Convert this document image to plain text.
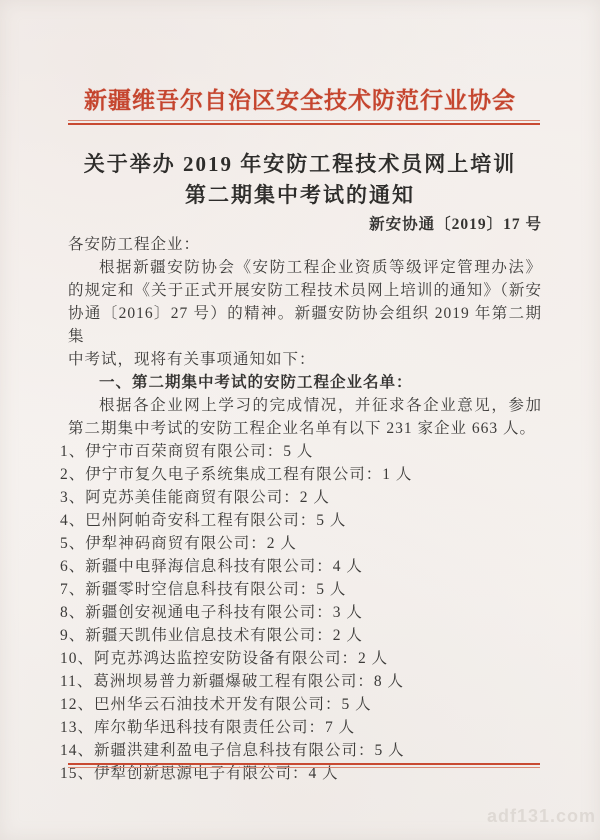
新疆维吾尔自治区安全技术防范行业协会
关于举办 2019 年安防工程技术员网上培训
第二期集中考试的通知
新安协通〔2019〕17 号
各安防工程企业：
根据新疆安防协会《安防工程企业资质等级评定管理办法》
的规定和《关于正式开展安防工程技术员网上培训的通知》（新安
协通〔2016〕27 号）的精神。新疆安防协会组织 2019 年第二期集
中考试，现将有关事项通知如下：
一、第二期集中考试的安防工程企业名单：
根据各企业网上学习的完成情况，并征求各企业意见，参加
第二期集中考试的安防工程企业名单有以下 231 家企业 663 人。
1、伊宁市百荣商贸有限公司：5 人
2、伊宁市复久电子系统集成工程有限公司：1 人
3、阿克苏美佳能商贸有限公司：2 人
4、巴州阿帕奇安科工程有限公司：5 人
5、伊犁神码商贸有限公司：2 人
6、新疆中电驿海信息科技有限公司：4 人
7、新疆零时空信息科技有限公司：5 人
8、新疆创安视通电子科技有限公司：3 人
9、新疆天凯伟业信息技术有限公司：2 人
10、阿克苏鸿达监控安防设备有限公司：2 人
11、葛洲坝易普力新疆爆破工程有限公司：8 人
12、巴州华云石油技术开发有限公司：5 人
13、库尔勒华迅科技有限责任公司：7 人
14、新疆洪建利盈电子信息科技有限公司：5 人
15、伊犁创新思源电子有限公司：4 人
adf131.com
